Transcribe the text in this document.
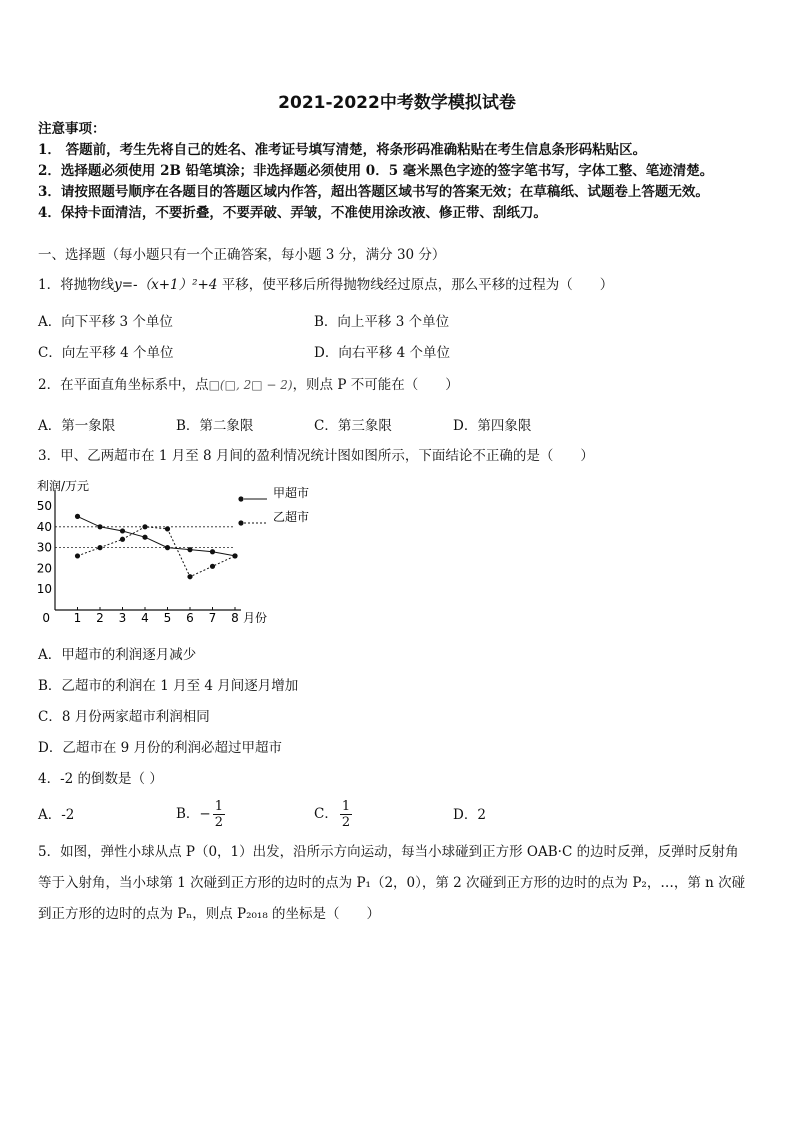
2021-2022中考数学模拟试卷
注意事项：
1． 答题前，考生先将自己的姓名、准考证号填写清楚，将条形码准确粘贴在考生信息条形码粘贴区。
2．选择题必须使用 2B 铅笔填涂；非选择题必须使用 0．5 毫米黑色字迹的签字笔书写，字体工整、笔迹清楚。
3．请按照题号顺序在各题目的答题区域内作答，超出答题区域书写的答案无效；在草稿纸、试题卷上答题无效。
4．保持卡面清洁，不要折叠，不要弄破、弄皱，不准使用涂改液、修正带、刮纸刀。
一、选择题（每小题只有一个正确答案，每小题 3 分，满分 30 分）
1．将抛物线y=-（x+1）²+4 平移，使平移后所得抛物线经过原点，那么平移的过程为（　　）
A．向下平移 3 个单位	B．向上平移 3 个单位
C．向左平移 4 个单位	D．向右平移 4 个单位
2．在平面直角坐标系中，点□(□, 2□ − 2)，则点 P 不可能在（　　）
A．第一象限	B．第二象限	C．第三象限	D．第四象限
3．甲、乙两超市在 1 月至 8 月间的盈利情况统计图如图所示，下面结论不正确的是（　　）
利润/万元
月份
0
10
20
30
40
50
1 2 3 4 5 6 7 8
甲超市
乙超市
A．甲超市的利润逐月减少
B．乙超市的利润在 1 月至 4 月间逐月增加
C．8 月份两家超市利润相同
D．乙超市在 9 月份的利润必超过甲超市
4．-2 的倒数是（ ）
A．-2	B．− $\frac{1}{2}$	C． $\frac{1}{2}$	D．2
5．如图，弹性小球从点 P（0，1）出发，沿所示方向运动，每当小球碰到正方形 OAB·C 的边时反弹，反弹时反射角
等于入射角，当小球第 1 次碰到正方形的边时的点为 P₁（2，0），第 2 次碰到正方形的边时的点为 P₂，…，第 n 次碰
到正方形的边时的点为 Pₙ，则点 P₂₀₁₈ 的坐标是（　　）
